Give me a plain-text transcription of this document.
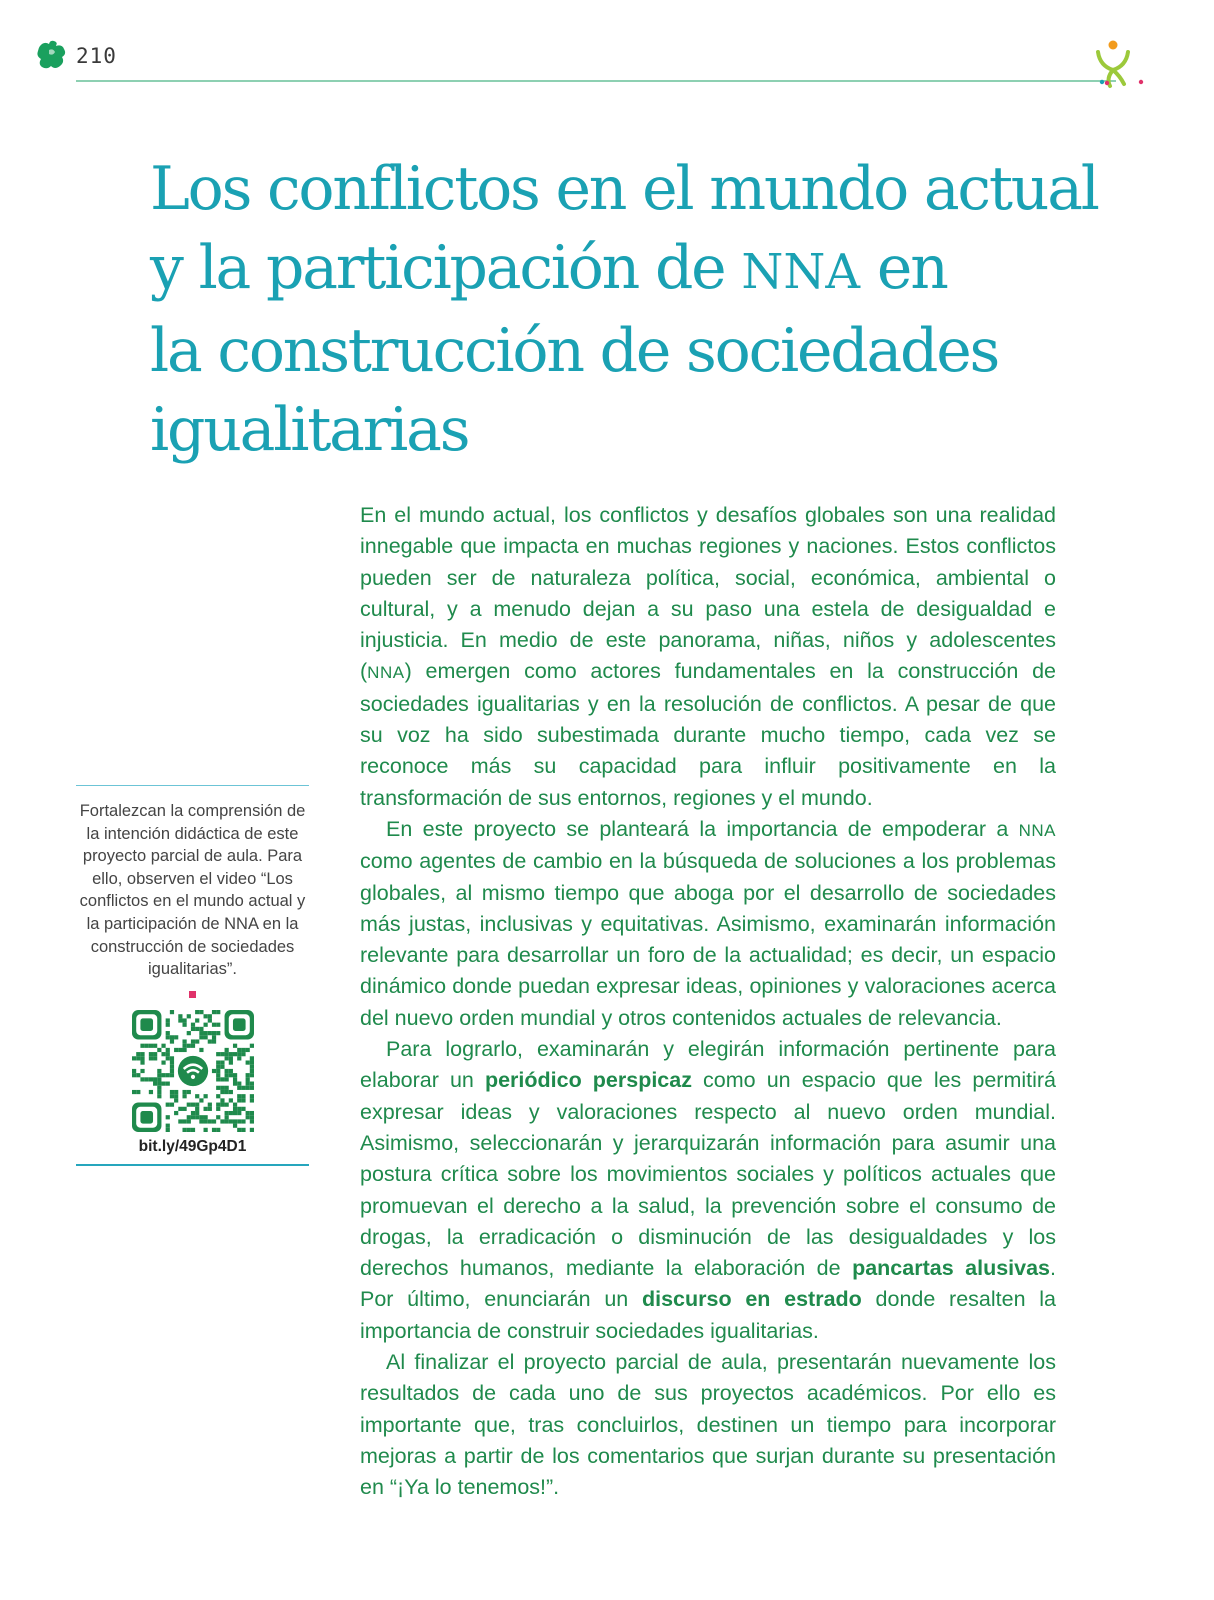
210
Los conflictos en el mundo actual
y la participación de NNA en
la construcción de sociedades
igualitarias

Fortalezcan la comprensión de la intención didáctica de este proyecto parcial de aula. Para ello, observen el video “Los conflictos en el mundo actual y la participación de NNA en la construcción de sociedades igualitarias”.

bit.ly/49Gp4D1

En el mundo actual, los conflictos y desafíos globales son una realidad innegable que impacta en muchas regiones y naciones. Estos conflictos pueden ser de naturaleza política, social, económica, ambiental o cultural, y a menudo dejan a su paso una estela de desigualdad e injusticia. En medio de este panorama, niñas, niños y adolescentes (NNA) emergen como actores fundamentales en la construcción de sociedades igualitarias y en la resolución de conflictos. A pesar de que su voz ha sido subestimada durante mucho tiempo, cada vez se reconoce más su capacidad para influir positivamente en la transformación de sus entornos, regiones y el mundo.

En este proyecto se planteará la importancia de empoderar a NNA como agentes de cambio en la búsqueda de soluciones a los problemas globales, al mismo tiempo que aboga por el desarrollo de sociedades más justas, inclusivas y equitativas. Asimismo, examinarán información relevante para desarrollar un foro de la actualidad; es decir, un espacio dinámico donde puedan expresar ideas, opiniones y valoraciones acerca del nuevo orden mundial y otros contenidos actuales de relevancia.

Para lograrlo, examinarán y elegirán información pertinente para elaborar un periódico perspicaz como un espacio que les permitirá expresar ideas y valoraciones respecto al nuevo orden mundial. Asimismo, seleccionarán y jerarquizarán información para asumir una postura crítica sobre los movimientos sociales y políticos actuales que promuevan el derecho a la salud, la prevención sobre el consumo de drogas, la erradicación o disminución de las desigualdades y los derechos humanos, mediante la elaboración de pancartas alusivas. Por último, enunciarán un discurso en estrado donde resalten la importancia de construir sociedades igualitarias.

Al finalizar el proyecto parcial de aula, presentarán nuevamente los resultados de cada uno de sus proyectos académicos. Por ello es importante que, tras concluirlos, destinen un tiempo para incorporar mejoras a partir de los comentarios que surjan durante su presentación en “¡Ya lo tenemos!”.
